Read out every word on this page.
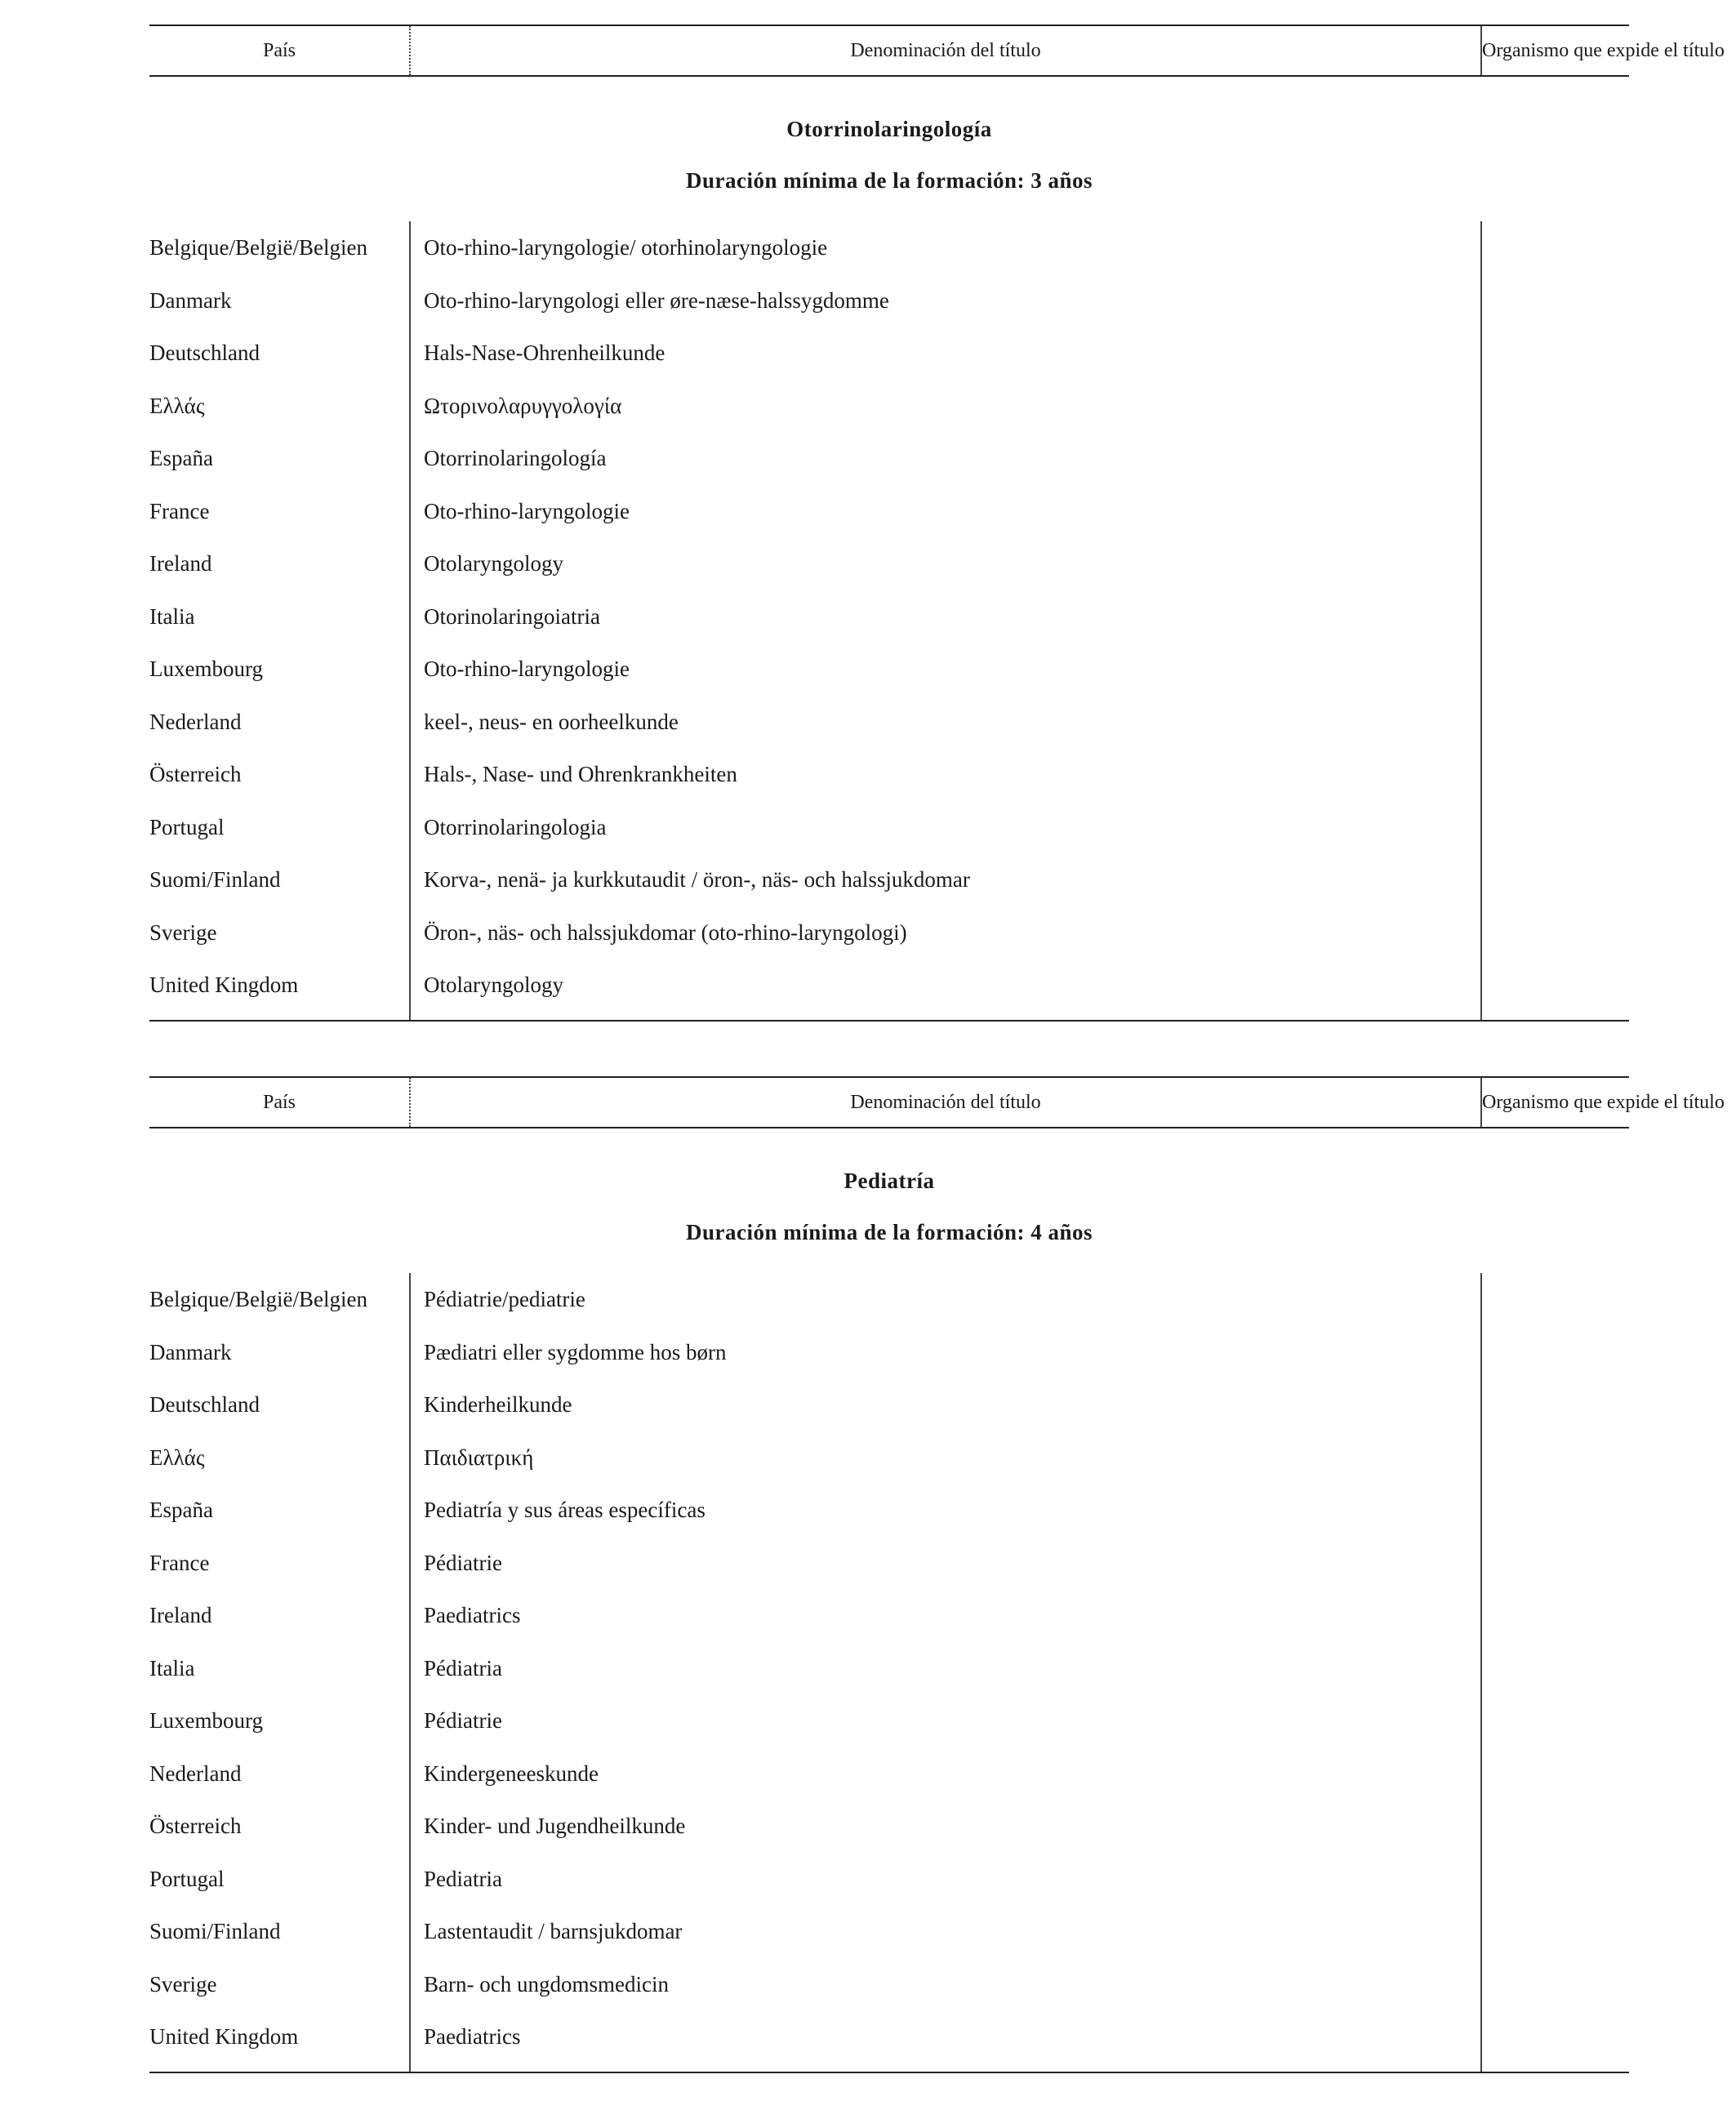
País	Denominación del título	Organismo que expide el título
Otorrinolaringología
Duración mínima de la formación: 3 años
Belgique/België/Belgien	Oto-rhino-laryngologie/ otorhinolaryngologie
Danmark	Oto-rhino-laryngologi eller øre-næse-halssygdomme
Deutschland	Hals-Nase-Ohrenheilkunde
Ελλάς	Ωτορινολαρυγγολογία
España	Otorrinolaringología
France	Oto-rhino-laryngologie
Ireland	Otolaryngology
Italia	Otorinolaringoiatria
Luxembourg	Oto-rhino-laryngologie
Nederland	keel-, neus- en oorheelkunde
Österreich	Hals-, Nase- und Ohrenkrankheiten
Portugal	Otorrinolaringologia
Suomi/Finland	Korva-, nenä- ja kurkkutaudit / öron-, näs- och halssjukdomar
Sverige	Öron-, näs- och halssjukdomar (oto-rhino-laryngologi)
United Kingdom	Otolaryngology
País	Denominación del título	Organismo que expide el título
Pediatría
Duración mínima de la formación: 4 años
Belgique/België/Belgien	Pédiatrie/pediatrie
Danmark	Pædiatri eller sygdomme hos børn
Deutschland	Kinderheilkunde
Ελλάς	Παιδιατρική
España	Pediatría y sus áreas específicas
France	Pédiatrie
Ireland	Paediatrics
Italia	Pédiatria
Luxembourg	Pédiatrie
Nederland	Kindergeneeskunde
Österreich	Kinder- und Jugendheilkunde
Portugal	Pediatria
Suomi/Finland	Lastentaudit / barnsjukdomar
Sverige	Barn- och ungdomsmedicin
United Kingdom	Paediatrics
